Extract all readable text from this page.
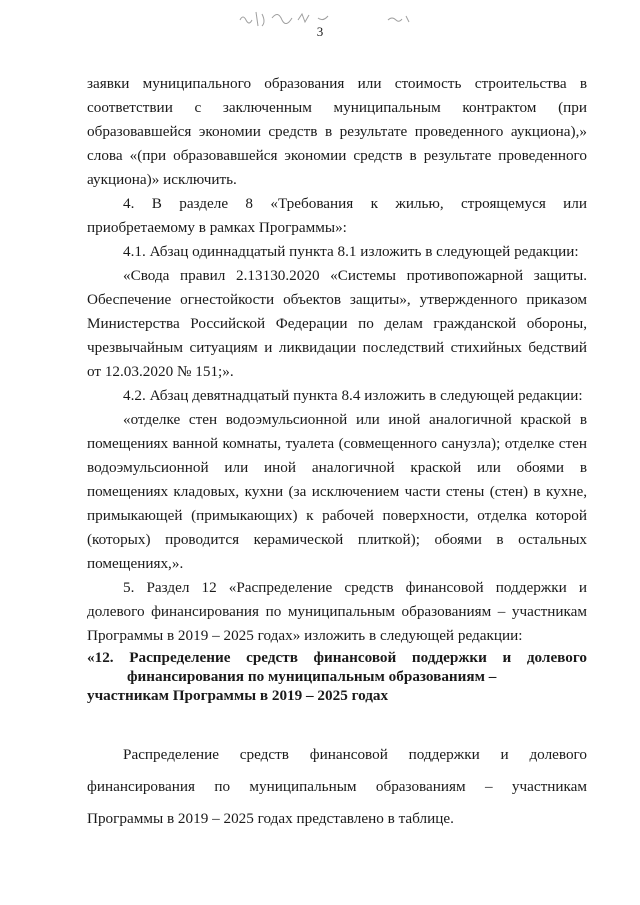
3

заявки муниципального образования или стоимость строительства в соответствии с заключенным муниципальным контрактом (при образовавшейся экономии средств в результате проведенного аукциона),» слова «(при образовавшейся экономии средств в результате проведенного аукциона)» исключить.

4. В разделе 8 «Требования к жилью, строящемуся или приобретаемому в рамках Программы»:

4.1. Абзац одиннадцатый пункта 8.1 изложить в следующей редакции:

«Свода правил 2.13130.2020 «Системы противопожарной защиты. Обеспечение огнестойкости объектов защиты», утвержденного приказом Министерства Российской Федерации по делам гражданской обороны, чрезвычайным ситуациям и ликвидации последствий стихийных бедствий от 12.03.2020 № 151;».

4.2. Абзац девятнадцатый пункта 8.4 изложить в следующей редакции:

«отделке стен водоэмульсионной или иной аналогичной краской в помещениях ванной комнаты, туалета (совмещенного санузла); отделке стен водоэмульсионной или иной аналогичной краской или обоями в помещениях кладовых, кухни (за исключением части стены (стен) в кухне, примыкающей (примыкающих) к рабочей поверхности, отделка которой (которых) проводится керамической плиткой); обоями в остальных помещениях,».

5. Раздел 12 «Распределение средств финансовой поддержки и долевого финансирования по муниципальным образованиям – участникам Программы в 2019 – 2025 годах» изложить в следующей редакции:

«12. Распределение средств финансовой поддержки и долевого финансирования по муниципальным образованиям –
участникам Программы в 2019 – 2025 годах

Распределение средств финансовой поддержки и долевого финансирования по муниципальным образованиям – участникам Программы в 2019 – 2025 годах представлено в таблице.
